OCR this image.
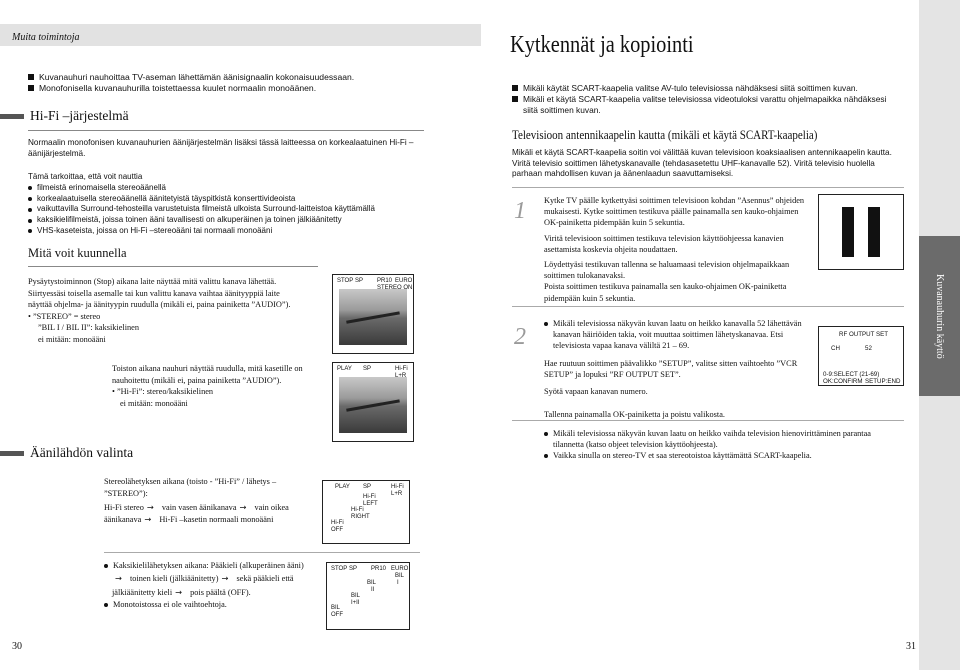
Muita toimintoja
Kuvanauhuri nauhoittaa TV-aseman lähettämän äänisignaalin kokonaisuudessaan.
Monofonisella kuvanauhurilla toistettaessa kuulet normaalin monoäänen.
Hi-Fi –järjestelmä
Normaalin monofonisen kuvanauhurien äänijärjestelmän lisäksi tässä laitteessa on korkealaatuinen Hi-Fi –äänijärjestelmä.
Tämä tarkoittaa, että voit nauttia
filmeistä erinomaisella stereoäänellä
korkealaatuisella stereoäänellä äänitetyistä täyspitkistä konserttivideoista
vaikuttavilla Surround-tehosteilla varustetuista filmeistä ulkoista Surround-laitteistoa käyttämällä
kaksikielifilmeistä, joissa toinen ääni tavallisesti on alkuperäinen ja toinen jälkiäänitetty
VHS-kaseteista, joissa on Hi-Fi –stereoääni tai normaali monoääni
Mitä voit kuunnella
Pysäytystoiminnon (Stop) aikana laite näyttää mitä valittu kanava lähettää.
Siirtyessäsi toisella asemalle tai kun valittu kanava vaihtaa äänityyppiä laite
näyttää ohjelma- ja äänityypin ruudulla (mikäli ei, paina painiketta ”AUDIO”).
• ”STEREO” = stereo
”BIL I / BIL II”: kaksikielinen
ei mitään: monoääni
STOP SP PR10 EURO
STEREO ON
Toiston aikana nauhuri näyttää ruudulla, mitä kasetille on
nauhoitettu (mikäli ei, paina painiketta ”AUDIO”).
• ”Hi-Fi”: stereo/kaksikielinen
ei mitään: monoääni
PLAY SP	Hi-Fi
L+R
Äänilähdön valinta
Stereolähetyksen aikana (toisto - ”Hi-Fi” / lähetys – ”STEREO”):
Hi-Fi stereo → vain vasen äänikanava → vain oikea
äänikanava → Hi-Fi –kasetin normaali monoääni
PLAY SP	Hi-Fi
L+R
Hi-Fi
LEFT
Hi-Fi
RIGHT
Hi-Fi
OFF
Kaksikielilähetyksen aikana: Pääkieli (alkuperäinen ääni)
→ toinen kieli (jälkiäänitetty) → sekä pääkieli että
jälkiäänitetty kieli → pois päältä (OFF).
Monotoistossa ei ole vaihtoehtoja.
STOP SP PR10 EURO
BIL
I
BIL
II
BIL
I+II
BIL
OFF
30
Kuvanauhurin käyttö
Kytkennät ja kopiointi
Mikäli käytät SCART-kaapelia valitse AV-tulo televisiossa nähdäksesi siitä soittimen kuvan.
Mikäli et käytä SCART-kaapelia valitse televisiossa videotuloksi varattu ohjelmapaikka nähdäksesi siitä soittimen kuvan.
Televisioon antennikaapelin kautta (mikäli et käytä SCART-kaapelia)
Mikäli et käytä SCART-kaapelia soitin voi välittää kuvan televisioon koaksiaalisen antennikaapelin kautta. Viritä televisio soittimen lähetyskanavalle (tehdasasetettu UHF-kanavalle 52). Viritä televisio huolella parhaan mahdollisen kuvan ja äänenlaadun saavuttamiseksi.
1 Kytke TV päälle kytkettyäsi soittimen televisioon kohdan ”Asennus” ohjeiden mukaisesti. Kytke soittimen testikuva päälle painamalla sen kauko-ohjaimen OK-painiketta pidempään kuin 5 sekuntia.
Viritä televisioon soittimen testikuva television käyttöohjeessa kanavien asettamista koskevia ohjeita noudattaen.
Löydettyäsi testikuvan tallenna se haluamaasi television ohjelmapaikkaan soittimen tulokanavaksi.
Poista soittimen testikuva painamalla sen kauko-ohjaimen OK-painiketta pidempään kuin 5 sekuntia.
2
Mikäli televisiossa näkyvän kuvan laatu on heikko kanavalla 52 lähettävän kanavan häiriöiden takia, voit muuttaa soittimen lähetyskanavaa. Etsi televisiosta vapaa kanava väliltä 21 – 69.
Hae ruutuun soittimen päävalikko ”SETUP”, valitse sitten vaihtoehto ”VCR SETUP” ja lopuksi ”RF OUTPUT SET”.
Syötä vapaan kanavan numero.
Tallenna painamalla OK-painiketta ja poistu valikosta.
RF OUTPUT SET
CH	52
0-9:SELECT (21-69)
OK:CONFIRM SETUP:END
Mikäli televisiossa näkyvän kuvan laatu on heikko vaihda television hienovirittäminen parantaa tilannetta (katso objeet television käyttöohjeesta).
Vaikka sinulla on stereo-TV et saa stereotoistoa käyttämättä SCART-kaapelia.
31
